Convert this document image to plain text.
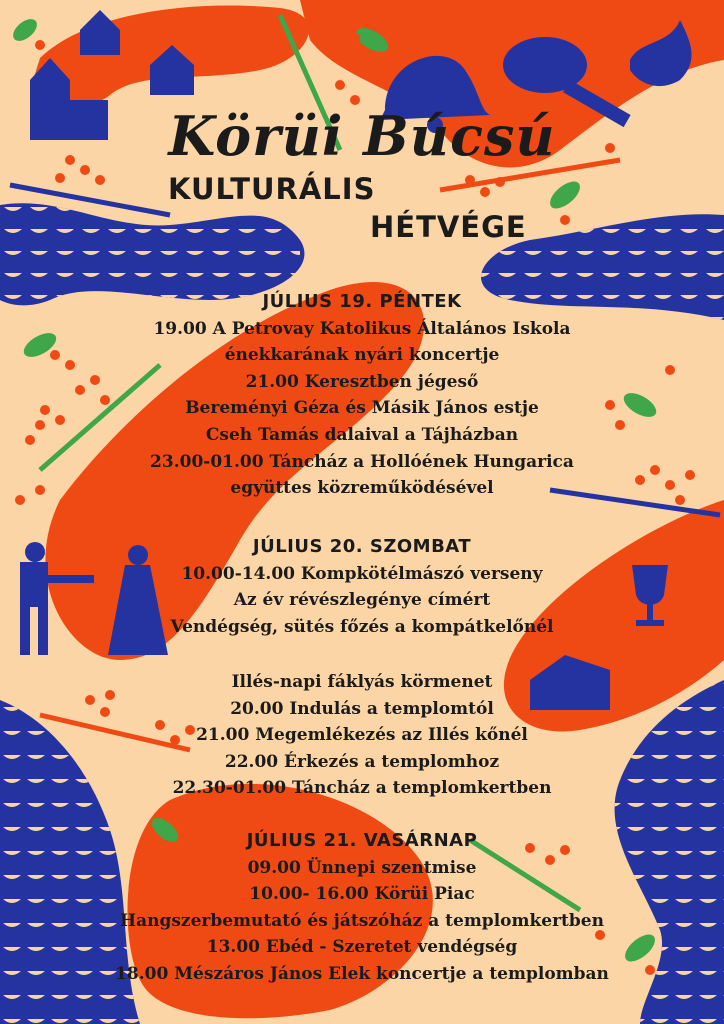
Körüi Búcsú
KULTURÁLIS
HÉTVÉGE
JÚLIUS 19. PÉNTEK
19.00 A Petrovay Katolikus Általános Iskola
énekkarának nyári koncertje
21.00 Keresztben jégeső
Bereményi Géza és Másik János estje
Cseh Tamás dalaival a Tájházban
23.00-01.00 Táncház a Hollóének Hungarica
együttes közreműködésével
JÚLIUS 20. SZOMBAT
10.00-14.00 Kompkötélmászó verseny
Az év révészlegénye címért
Vendégség, sütés főzés a kompátkelőnél
Illés-napi fáklyás körmenet
20.00 Indulás a templomtól
21.00 Megemlékezés az Illés kőnél
22.00 Érkezés a templomhoz
22.30-01.00 Táncház a templomkertben
JÚLIUS 21. VASÁRNAP
09.00 Ünnepi szentmise
10.00- 16.00 Körüi Piac
Hangszerbemutató és játszóház a templomkertben
13.00 Ebéd - Szeretet vendégség
18.00 Mészáros János Elek koncertje a templomban
